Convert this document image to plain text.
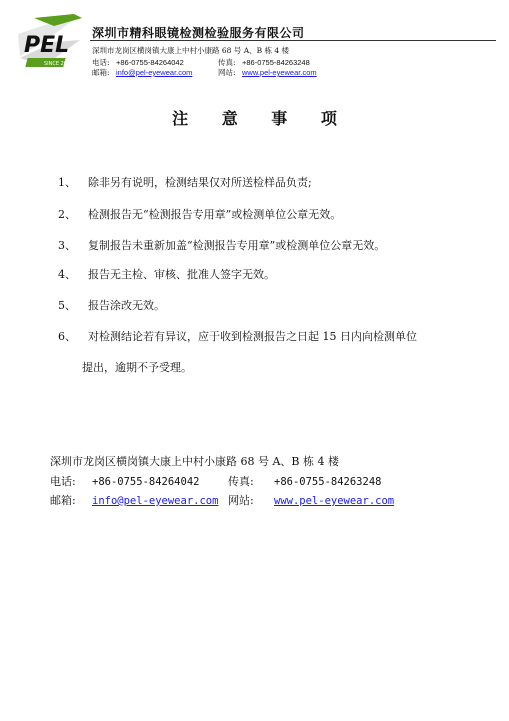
PEL
SINCE 2004
深圳市精科眼镜检测检验服务有限公司
深圳市龙岗区横岗镇大康上中村小康路 68 号 A、B 栋 4 楼
电话: +86-0755-84264042	传真: +86-0755-84263248
邮箱: info@pel-eyewear.com	网站: www.pel-eyewear.com
注 意 事 项
1、 除非另有说明，检测结果仅对所送检样品负责;
2、 检测报告无“检测报告专用章”或检测单位公章无效。
3、 复制报告未重新加盖“检测报告专用章”或检测单位公章无效。
4、 报告无主检、审核、批准人签字无效。
5、 报告涂改无效。
6、 对检测结论若有异议，应于收到检测报告之日起 15 日内向检测单位
提出，逾期不予受理。
深圳市龙岗区横岗镇大康上中村小康路 68 号 A、B 栋 4 楼
电话: +86-0755-84264042	传真: +86-0755-84263248
邮箱: info@pel-eyewear.com 网站: www.pel-eyewear.com
